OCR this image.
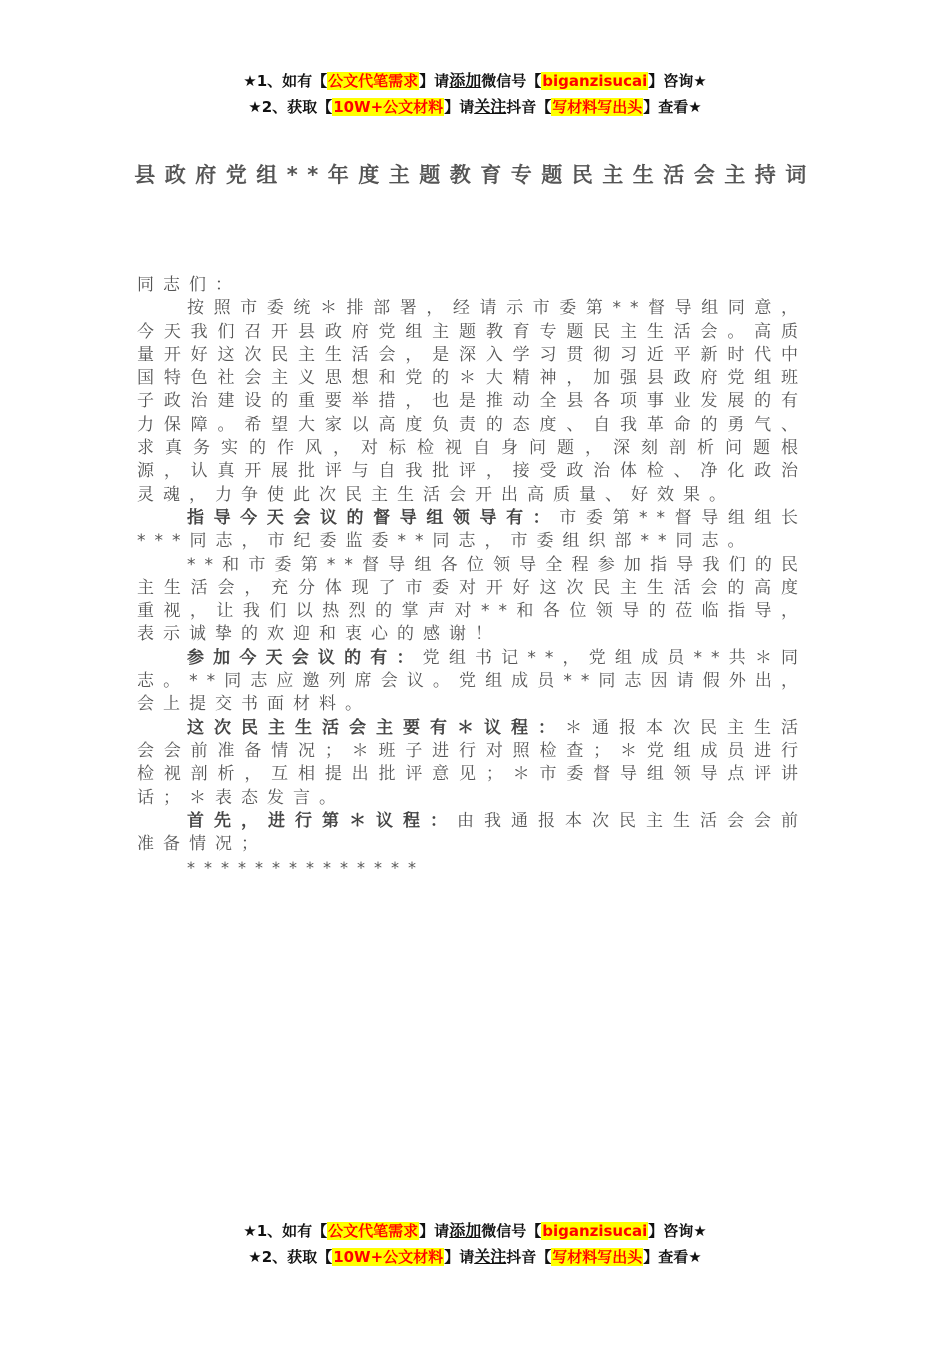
★1、如有【公文代笔需求】请添加微信号【biganzisucai】咨询★
★2、获取【10W+公文材料】请关注抖音【写材料写出头】查看★
县政府党组**年度主题教育专题民主生活会主持词

同志们：

按照市委统＊排部署，经请示市委第**督导组同意，今天我们召开县政府党组主题教育专题民主生活会。高质量开好这次民主生活会，是深入学习贯彻习近平新时代中国特色社会主义思想和党的＊大精神，加强县政府党组班子政治建设的重要举措，也是推动全县各项事业发展的有力保障。希望大家以高度负责的态度、自我革命的勇气、求真务实的作风，对标检视自身问题，深刻剖析问题根源，认真开展批评与自我批评，接受政治体检、净化政治灵魂，力争使此次民主生活会开出高质量、好效果。

指导今天会议的督导组领导有：市委第**督导组组长***同志，市纪委监委**同志，市委组织部**同志。

**和市委第**督导组各位领导全程参加指导我们的民主生活会，充分体现了市委对开好这次民主生活会的高度重视，让我们以热烈的掌声对**和各位领导的莅临指导，表示诚挚的欢迎和衷心的感谢！

参加今天会议的有：党组书记**，党组成员**共＊同志。**同志应邀列席会议。党组成员**同志因请假外出，会上提交书面材料。

这次民主生活会主要有＊议程：＊通报本次民主生活会会前准备情况；＊班子进行对照检查；＊党组成员进行检视剖析，互相提出批评意见；＊市委督导组领导点评讲话；＊表态发言。

首先，进行第＊议程：由我通报本次民主生活会会前准备情况；

**************

★1、如有【公文代笔需求】请添加微信号【biganzisucai】咨询★
★2、获取【10W+公文材料】请关注抖音【写材料写出头】查看★
